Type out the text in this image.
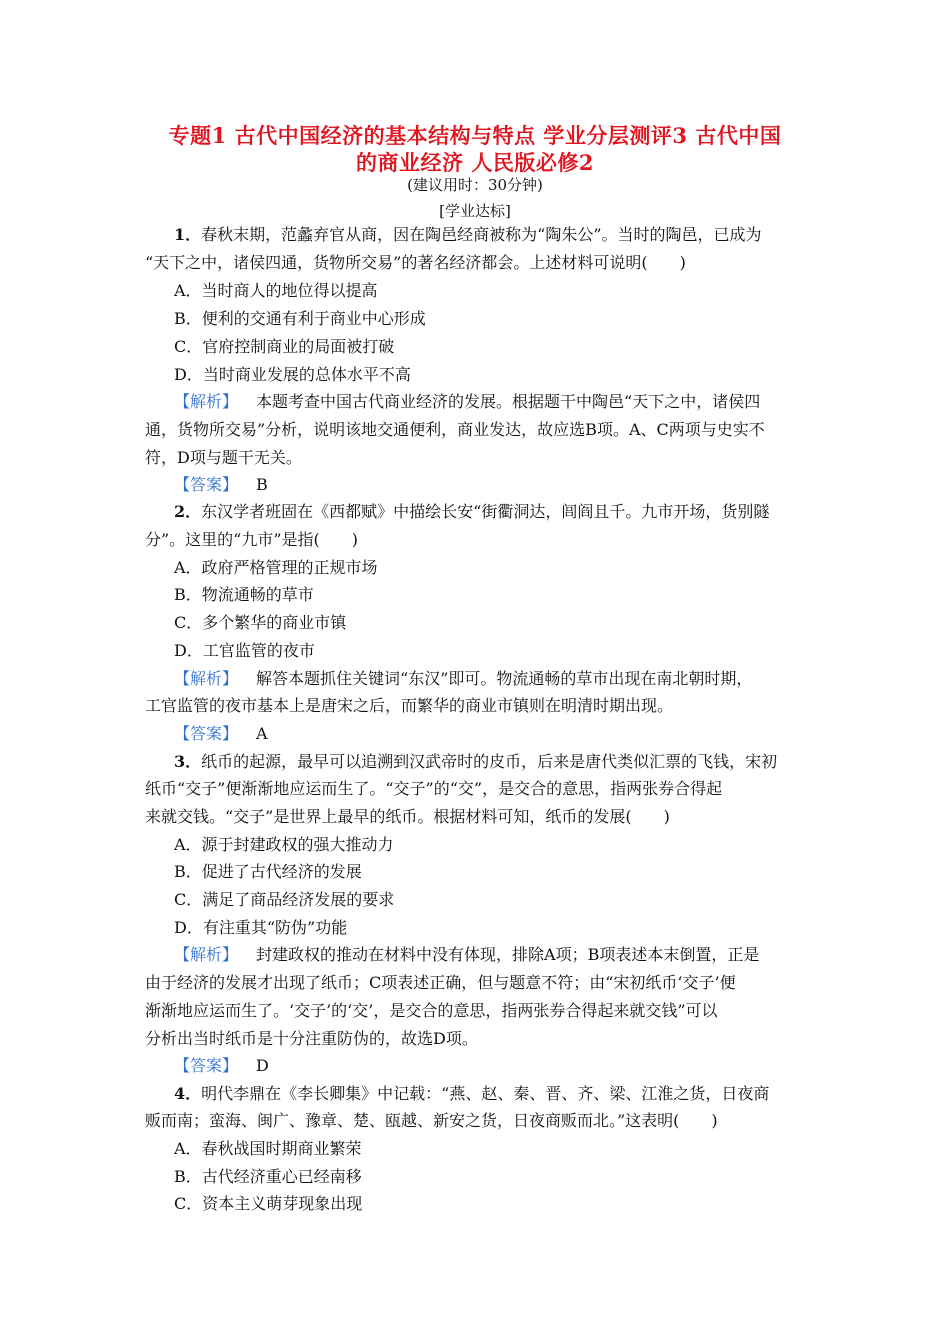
专题1 古代中国经济的基本结构与特点 学业分层测评3 古代中国
的商业经济 人民版必修2
(建议用时：30分钟)
[学业达标]
1．春秋末期，范蠡弃官从商，因在陶邑经商被称为“陶朱公”。当时的陶邑，已成为
“天下之中，诸侯四通，货物所交易”的著名经济都会。上述材料可说明(　　)
A．当时商人的地位得以提高
B．便利的交通有利于商业中心形成
C．官府控制商业的局面被打破
D．当时商业发展的总体水平不高
【解析】 本题考查中国古代商业经济的发展。根据题干中陶邑“天下之中，诸侯四
通，货物所交易”分析，说明该地交通便利，商业发达，故应选B项。A、C两项与史实不
符，D项与题干无关。
【答案】 B
2．东汉学者班固在《西都赋》中描绘长安“街衢洞达，闾阎且千。九市开场，货别隧
分”。这里的“九市”是指(　　)
A．政府严格管理的正规市场
B．物流通畅的草市
C．多个繁华的商业市镇
D．工官监管的夜市
【解析】 解答本题抓住关键词“东汉”即可。物流通畅的草市出现在南北朝时期，
工官监管的夜市基本上是唐宋之后，而繁华的商业市镇则在明清时期出现。
【答案】 A
3．纸币的起源，最早可以追溯到汉武帝时的皮币，后来是唐代类似汇票的飞钱，宋初
纸币“交子”便渐渐地应运而生了。“交子”的“交”，是交合的意思，指两张券合得起
来就交钱。“交子”是世界上最早的纸币。根据材料可知，纸币的发展(　　)
A．源于封建政权的强大推动力
B．促进了古代经济的发展
C．满足了商品经济发展的要求
D．有注重其“防伪”功能
【解析】 封建政权的推动在材料中没有体现，排除A项；B项表述本末倒置，正是
由于经济的发展才出现了纸币；C项表述正确，但与题意不符；由“宋初纸币‘交子’便
渐渐地应运而生了。‘交子’的‘交’，是交合的意思，指两张券合得起来就交钱”可以
分析出当时纸币是十分注重防伪的，故选D项。
【答案】 D
4．明代李鼎在《李长卿集》中记载：“燕、赵、秦、晋、齐、梁、江淮之货，日夜商
贩而南；蛮海、闽广、豫章、楚、瓯越、新安之货，日夜商贩而北。”这表明(　　)
A．春秋战国时期商业繁荣
B．古代经济重心已经南移
C．资本主义萌芽现象出现
